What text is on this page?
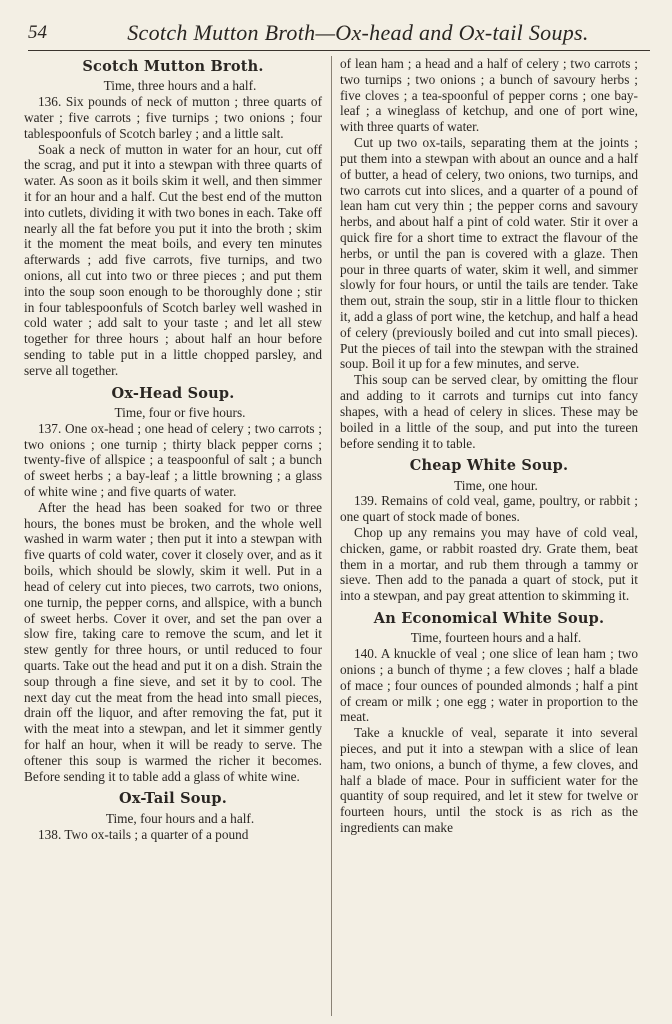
54	Scotch Mutton Broth—Ox-head and Ox-tail Soups.
Scotch Mutton Broth.

Time, three hours and a half.

136. Six pounds of neck of mutton ; three quarts of water ; five carrots ; five turnips ; two onions ; four tablespoonfuls of Scotch barley ; and a little salt.

Soak a neck of mutton in water for an hour, cut off the scrag, and put it into a stewpan with three quarts of water. As soon as it boils skim it well, and then simmer it for an hour and a half. Cut the best end of the mutton into cutlets, dividing it with two bones in each. Take off nearly all the fat before you put it into the broth ; skim it the moment the meat boils, and every ten minutes afterwards ; add five carrots, five turnips, and two onions, all cut into two or three pieces ; and put them into the soup soon enough to be thoroughly done ; stir in four tablespoonfuls of Scotch barley well washed in cold water ; add salt to your taste ; and let all stew together for three hours ; about half an hour before sending to table put in a little chopped parsley, and serve all together.

Ox-Head Soup.

Time, four or five hours.

137. One ox-head ; one head of celery ; two carrots ; two onions ; one turnip ; thirty black pepper corns ; twenty-five of allspice ; a teaspoonful of salt ; a bunch of sweet herbs ; a bay-leaf ; a little browning ; a glass of white wine ; and five quarts of water.

After the head has been soaked for two or three hours, the bones must be broken, and the whole well washed in warm water ; then put it into a stewpan with five quarts of cold water, cover it closely over, and as it boils, which should be slowly, skim it well. Put in a head of celery cut into pieces, two carrots, two onions, one turnip, the pepper corns, and allspice, with a bunch of sweet herbs. Cover it over, and set the pan over a slow fire, taking care to remove the scum, and let it stew gently for three hours, or until reduced to four quarts. Take out the head and put it on a dish. Strain the soup through a fine sieve, and set it by to cool. The next day cut the meat from the head into small pieces, drain off the liquor, and after removing the fat, put it with the meat into a stewpan, and let it simmer gently for half an hour, when it will be ready to serve. The oftener this soup is warmed the richer it becomes. Before sending it to table add a glass of white wine.

Ox-Tail Soup.

Time, four hours and a half.

138. Two ox-tails ; a quarter of a pound

of lean ham ; a head and a half of celery ; two carrots ; two turnips ; two onions ; a bunch of savoury herbs ; five cloves ; a tea-spoonful of pepper corns ; one bay-leaf ; a wineglass of ketchup, and one of port wine, with three quarts of water.

Cut up two ox-tails, separating them at the joints ; put them into a stewpan with about an ounce and a half of butter, a head of celery, two onions, two turnips, and two carrots cut into slices, and a quarter of a pound of lean ham cut very thin ; the pepper corns and savoury herbs, and about half a pint of cold water. Stir it over a quick fire for a short time to extract the flavour of the herbs, or until the pan is covered with a glaze. Then pour in three quarts of water, skim it well, and simmer slowly for four hours, or until the tails are tender. Take them out, strain the soup, stir in a little flour to thicken it, add a glass of port wine, the ketchup, and half a head of celery (previously boiled and cut into small pieces). Put the pieces of tail into the stewpan with the strained soup. Boil it up for a few minutes, and serve.

This soup can be served clear, by omitting the flour and adding to it carrots and turnips cut into fancy shapes, with a head of celery in slices. These may be boiled in a little of the soup, and put into the tureen before sending it to table.

Cheap White Soup.

Time, one hour.

139. Remains of cold veal, game, poultry, or rabbit ; one quart of stock made of bones.

Chop up any remains you may have of cold veal, chicken, game, or rabbit roasted dry. Grate them, beat them in a mortar, and rub them through a tammy or sieve. Then add to the panada a quart of stock, put it into a stewpan, and pay great attention to skimming it.

An Economical White Soup.

Time, fourteen hours and a half.

140. A knuckle of veal ; one slice of lean ham ; two onions ; a bunch of thyme ; a few cloves ; half a blade of mace ; four ounces of pounded almonds ; half a pint of cream or milk ; one egg ; water in proportion to the meat.

Take a knuckle of veal, separate it into several pieces, and put it into a stewpan with a slice of lean ham, two onions, a bunch of thyme, a few cloves, and half a blade of mace. Pour in sufficient water for the quantity of soup required, and let it stew for twelve or fourteen hours, until the stock is as rich as the ingredients can make
